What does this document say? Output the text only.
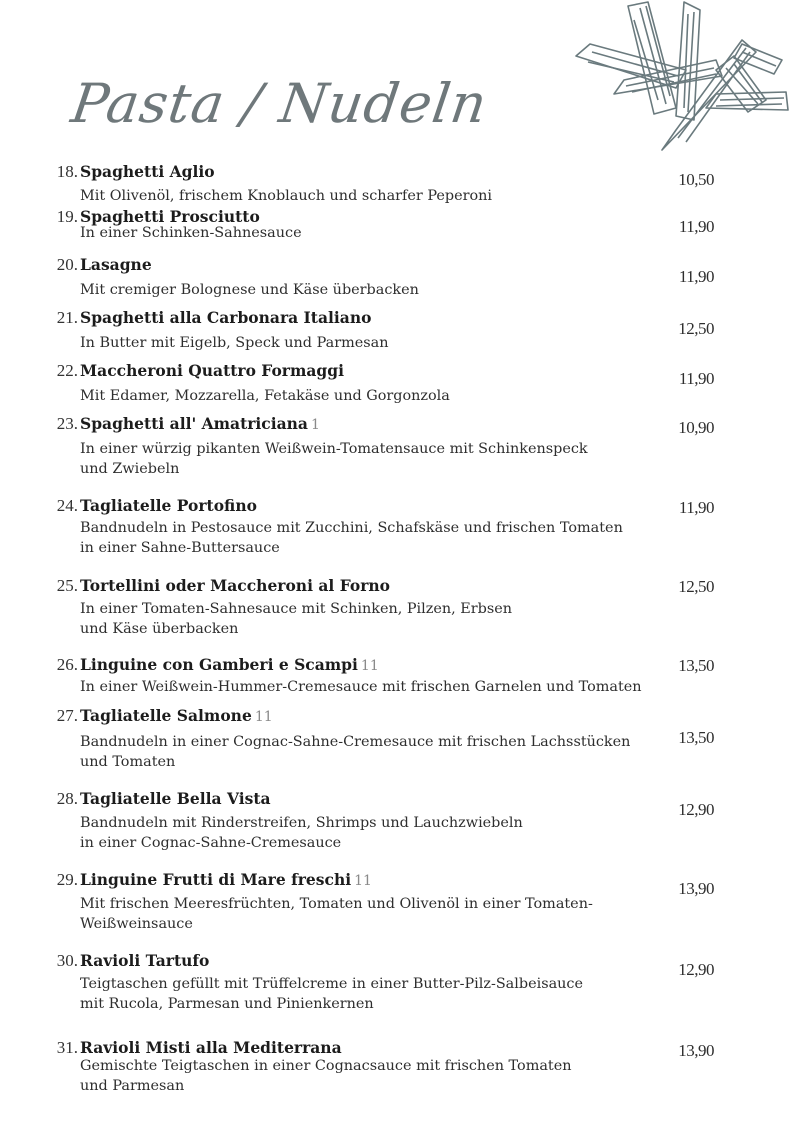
Pasta / Nudeln
18. Spaghetti Aglio
Mit Olivenöl, frischem Knoblauch und scharfer Peperoni
10,50
19. Spaghetti Prosciutto
In einer Schinken-Sahnesauce	11,90
20. Lasagne
Mit cremiger Bolognese und Käse überbacken
11,90
21. Spaghetti alla Carbonara Italiano
In Butter mit Eigelb, Speck und Parmesan
12,50
22. Maccheroni Quattro Formaggi
Mit Edamer, Mozzarella, Fetakäse und Gorgonzola
11,90
23. Spaghetti all' Amatriciana 1
In einer würzig pikanten Weißwein-Tomatensauce mit Schinkenspeck
und Zwiebeln
10,90
24. Tagliatelle Portofino
Bandnudeln in Pestosauce mit Zucchini, Schafskäse und frischen Tomaten
in einer Sahne-Buttersauce
11,90
25. Tortellini oder Maccheroni al Forno
In einer Tomaten-Sahnesauce mit Schinken, Pilzen, Erbsen
und Käse überbacken
12,50
26. Linguine con Gamberi e Scampi 11
In einer Weißwein-Hummer-Cremesauce mit frischen Garnelen und Tomaten
13,50
27. Tagliatelle Salmone 11
Bandnudeln in einer Cognac-Sahne-Cremesauce mit frischen Lachsstücken
und Tomaten
13,50
28. Tagliatelle Bella Vista
Bandnudeln mit Rinderstreifen, Shrimps und Lauchzwiebeln
in einer Cognac-Sahne-Cremesauce
12,90
29. Linguine Frutti di Mare freschi 11
Mit frischen Meeresfrüchten, Tomaten und Olivenöl in einer Tomaten-
Weißweinsauce
13,90
30. Ravioli Tartufo
Teigtaschen gefüllt mit Trüffelcreme in einer Butter-Pilz-Salbeisauce
mit Rucola, Parmesan und Pinienkernen
12,90
31. Ravioli Misti alla Mediterrana
Gemischte Teigtaschen in einer Cognacsauce mit frischen Tomaten
und Parmesan
13,90
